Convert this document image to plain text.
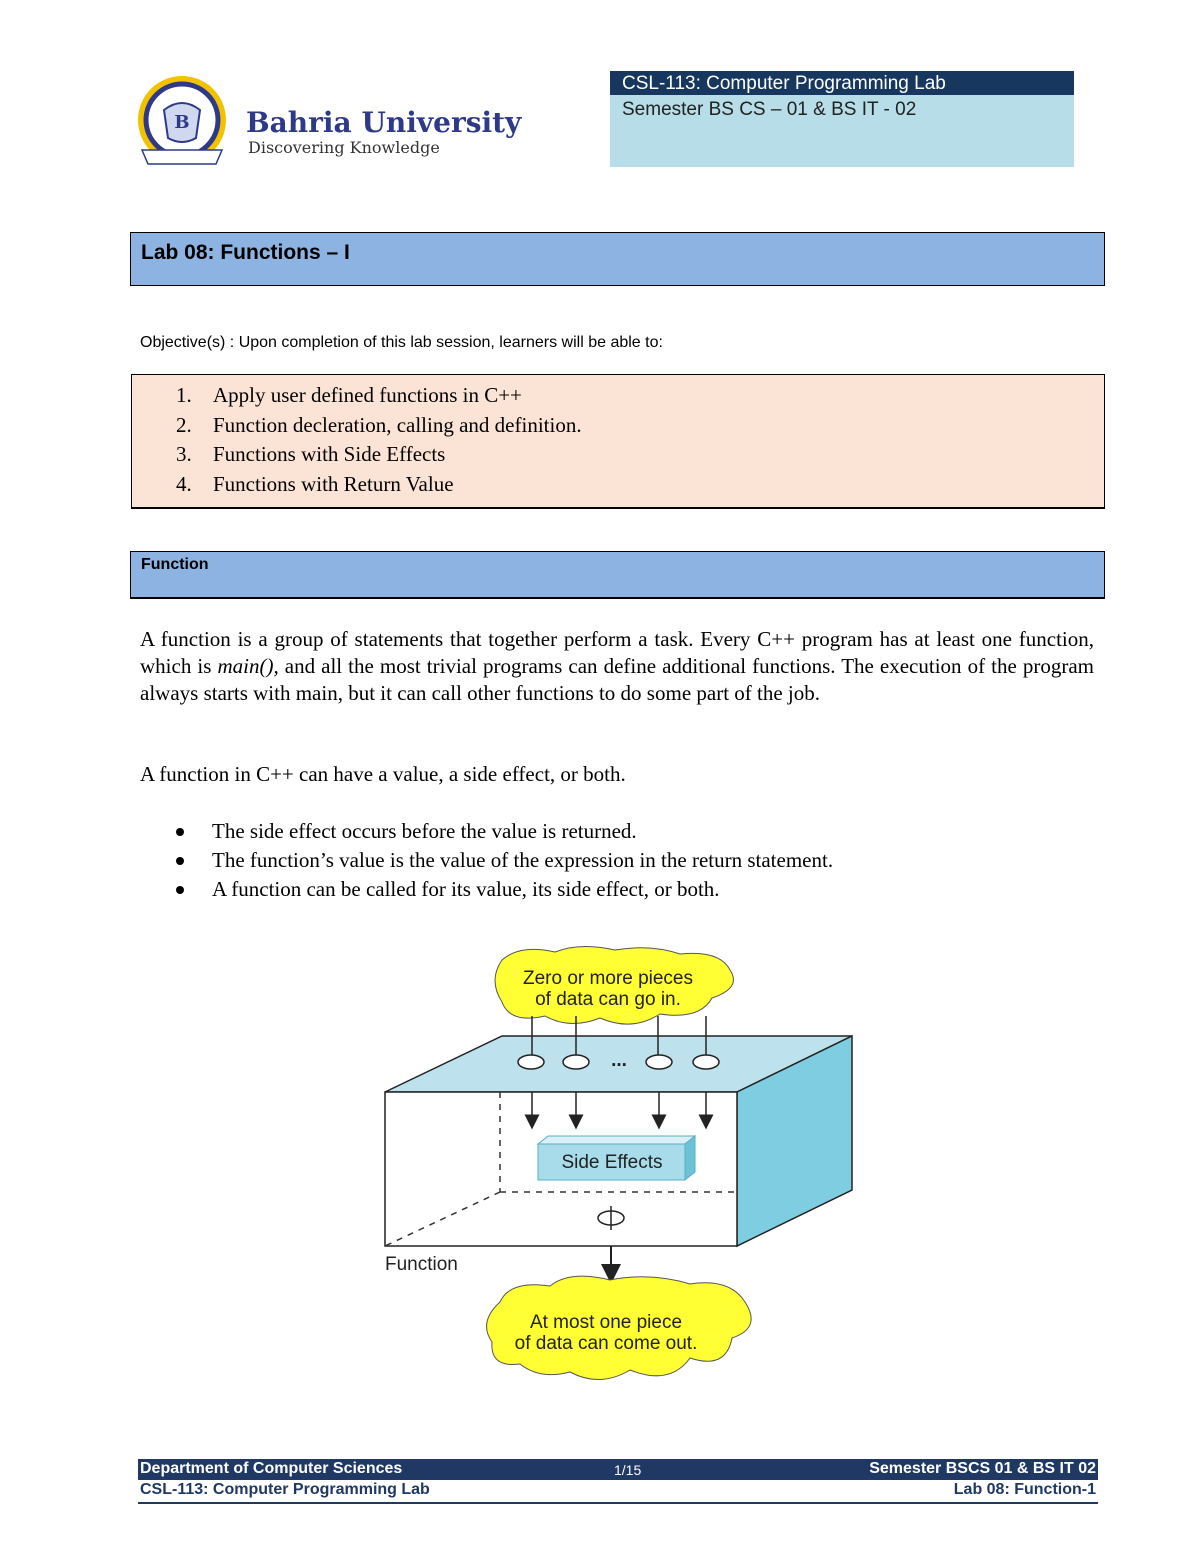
B Bahria University
Discovering Knowledge
CSL-113: Computer Programming Lab
Semester BS CS – 01 & BS IT - 02
Lab 08: Functions – I
Objective(s) : Upon completion of this lab session, learners will be able to:
1. Apply user defined functions in C++
2. Function decleration, calling and definition.
3. Functions with Side Effects
4. Functions with Return Value
Function

A function is a group of statements that together perform a task. Every C++ program has at least one function, which is main(), and all the most trivial programs can define additional functions. The execution of the program always starts with main, but it can call other functions to do some part of the job.

A function in C++ can have a value, a side effect, or both.

The side effect occurs before the value is returned.
The function’s value is the value of the expression in the return statement.
A function can be called for its value, its side effect, or both.
Zero or more pieces
of data can go in.
...
Side Effects
Function
At most one piece
of data can come out.
Department of Computer Sciences	1/15	Semester BSCS 01 & BS IT 02
CSL-113: Computer Programming Lab	Lab 08: Function-1
